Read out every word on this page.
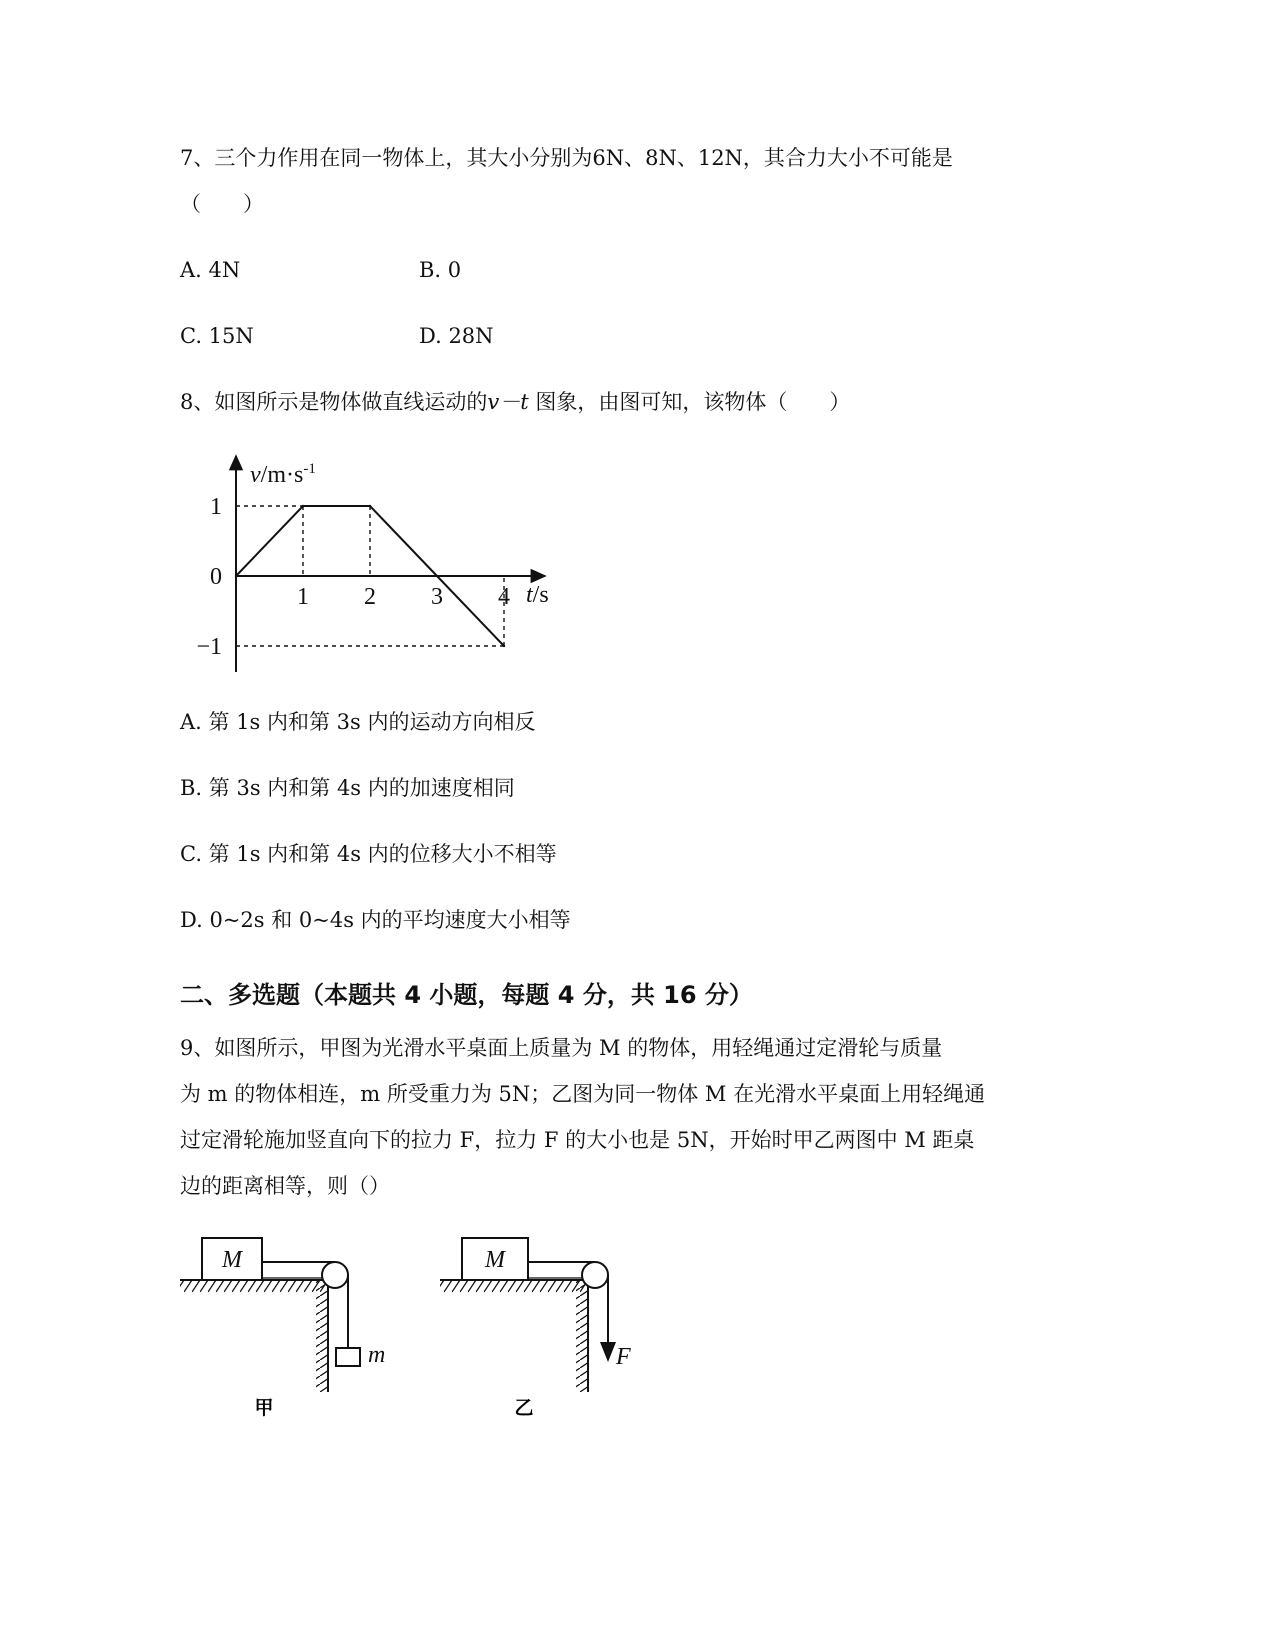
7、三个力作用在同一物体上，其大小分别为6N、8N、12N，其合力大小不可能是
（　　）
A. 4N	B. 0
C. 15N	D. 28N
8、如图所示是物体做直线运动的v－t 图象，由图可知，该物体（　　）
1 2 3 4
1
0
−1
$v/m\cdot s^{-1}$
t/s
A. 第 1s 内和第 3s 内的运动方向相反
B. 第 3s 内和第 4s 内的加速度相同
C. 第 1s 内和第 4s 内的位移大小不相等
D. 0~2s 和 0~4s 内的平均速度大小相等
二、多选题（本题共 4 小题，每题 4 分，共 16 分）
9、如图所示，甲图为光滑水平桌面上质量为 M 的物体，用轻绳通过定滑轮与质量
为 m 的物体相连，m 所受重力为 5N；乙图为同一物体 M 在光滑水平桌面上用轻绳通
过定滑轮施加竖直向下的拉力 F，拉力 F 的大小也是 5N，开始时甲乙两图中 M 距桌
边的距离相等，则（）
M
m
甲
M
F
乙
